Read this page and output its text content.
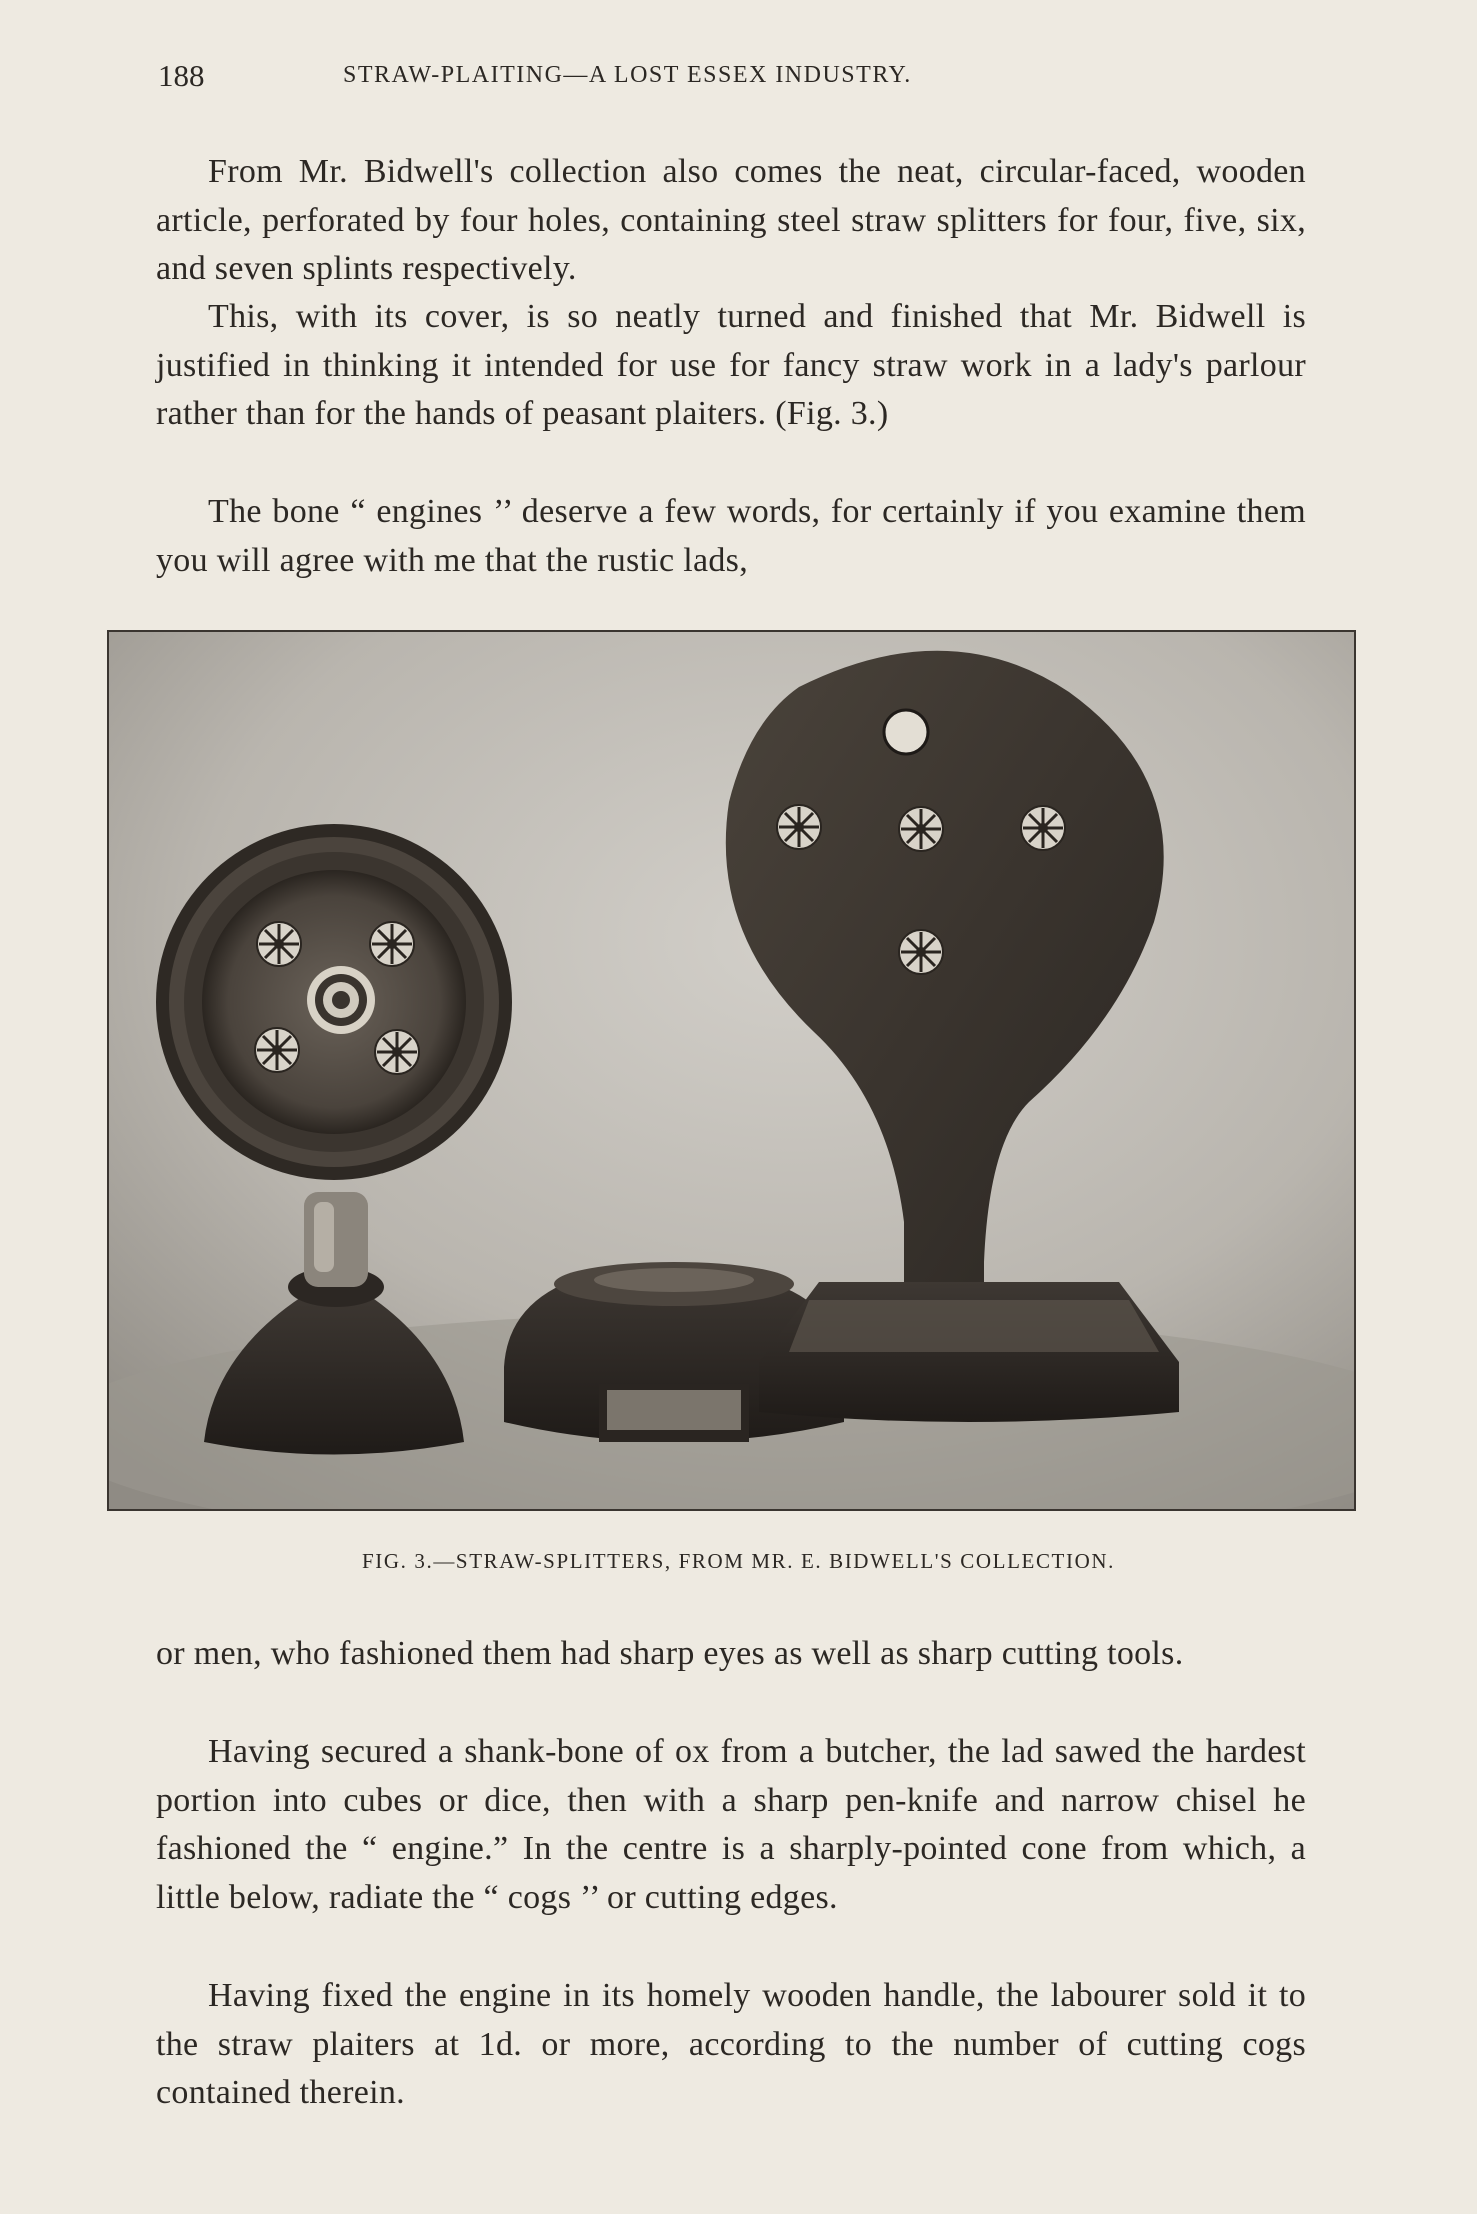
188	STRAW-PLAITING—A LOST ESSEX INDUSTRY.

From Mr. Bidwell's collection also comes the neat, circular-faced, wooden article, perforated by four holes, containing steel straw splitters for four, five, six, and seven splints respectively.

This, with its cover, is so neatly turned and finished that Mr. Bidwell is justified in thinking it intended for use for fancy straw work in a lady's parlour rather than for the hands of peasant plaiters. (Fig. 3.)

The bone “ engines ’’ deserve a few words, for certainly if you examine them you will agree with me that the rustic lads,

FIG. 3.—STRAW-SPLITTERS, FROM MR. E. BIDWELL'S COLLECTION.

or men, who fashioned them had sharp eyes as well as sharp cutting tools.

Having secured a shank-bone of ox from a butcher, the lad sawed the hardest portion into cubes or dice, then with a sharp pen-knife and narrow chisel he fashioned the “ engine.” In the centre is a sharply-pointed cone from which, a little below, radiate the “ cogs ’’ or cutting edges.

Having fixed the engine in its homely wooden handle, the labourer sold it to the straw plaiters at 1d. or more, according to the number of cutting cogs contained therein.
